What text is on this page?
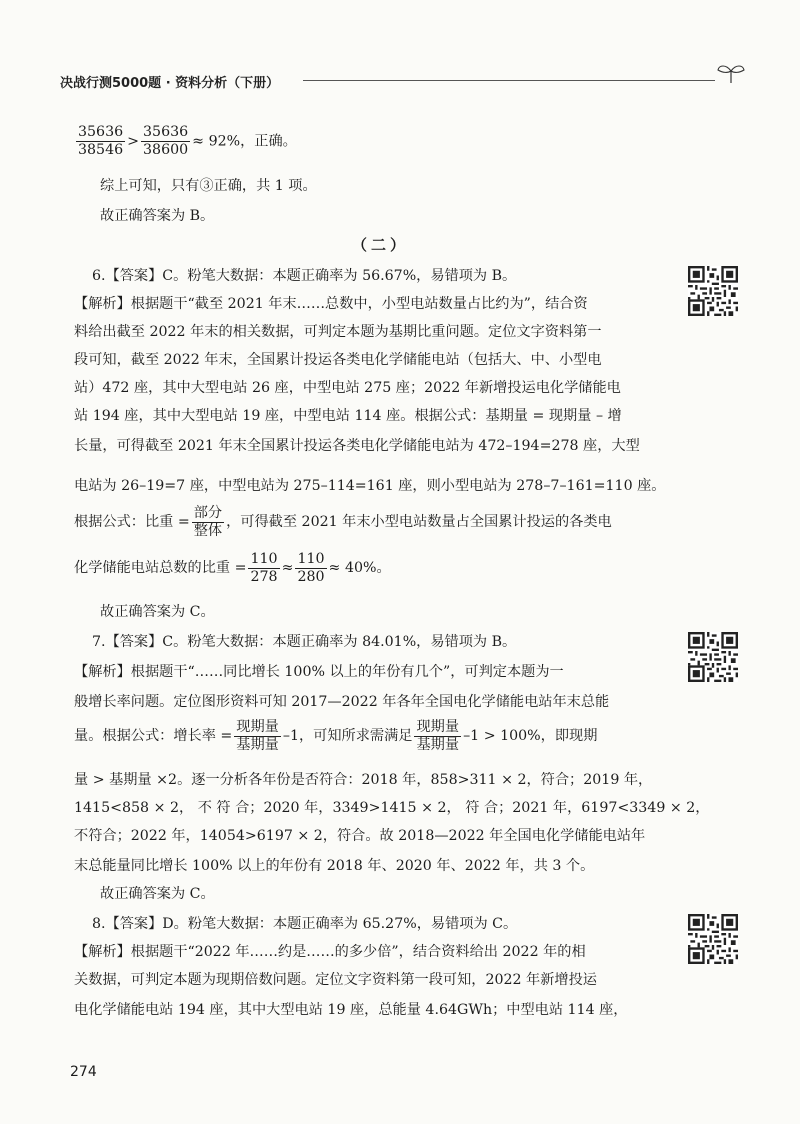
决战行测5000题 · 资料分析（下册）
$\frac{35636}{38546} > \frac{35636}{38600} \approx 92\%$，正确。
综上可知，只有③正确，共 1 项。
故正确答案为 B。
（二）
6.【答案】C。粉笔大数据：本题正确率为 56.67%，易错项为 B。
【解析】根据题干“截至 2021 年末……总数中，小型电站数量占比约为”，结合资
料给出截至 2022 年末的相关数据，可判定本题为基期比重问题。定位文字资料第一
段可知，截至 2022 年末，全国累计投运各类电化学储能电站（包括大、中、小型电
站）472 座，其中大型电站 26 座，中型电站 275 座；2022 年新增投运电化学储能电
站 194 座，其中大型电站 19 座，中型电站 114 座。根据公式：基期量 = 现期量 – 增
长量，可得截至 2021 年末全国累计投运各类电化学储能电站为 472–194=278 座，大型
电站为 26–19=7 座，中型电站为 275–114=161 座，则小型电站为 278–7–161=110 座。
根据公式：比重 = $\frac{\text{部分}}{\text{整体}}$ ，可得截至 2021 年末小型电站数量占全国累计投运的各类电
化学储能电站总数的比重 = $\frac{110}{278} \approx \frac{110}{280} \approx 40\%$。
故正确答案为 C。
7.【答案】C。粉笔大数据：本题正确率为 84.01%，易错项为 B。
【解析】根据题干“……同比增长 100% 以上的年份有几个”，可判定本题为一
般增长率问题。定位图形资料可知 2017—2022 年各年全国电化学储能电站年末总能
量。根据公式：增长率 = $\frac{\text{现期量}}{\text{基期量}} -1$，可知所求需满足 $\frac{\text{现期量}}{\text{基期量}} -1 > 100\%$，即现期
量 > 基期量 ×2。逐一分析各年份是否符合：2018 年，858>311 × 2，符合；2019 年，
1415<858 × 2， 不 符 合；2020 年，3349>1415 × 2， 符 合；2021 年，6197<3349 × 2，
不符合；2022 年，14054>6197 × 2，符合。故 2018—2022 年全国电化学储能电站年
末总能量同比增长 100% 以上的年份有 2018 年、2020 年、2022 年，共 3 个。
故正确答案为 C。
8.【答案】D。粉笔大数据：本题正确率为 65.27%，易错项为 C。
【解析】根据题干“2022 年……约是……的多少倍”，结合资料给出 2022 年的相
关数据，可判定本题为现期倍数问题。定位文字资料第一段可知，2022 年新增投运
电化学储能电站 194 座，其中大型电站 19 座，总能量 4.64GWh；中型电站 114 座，
274
